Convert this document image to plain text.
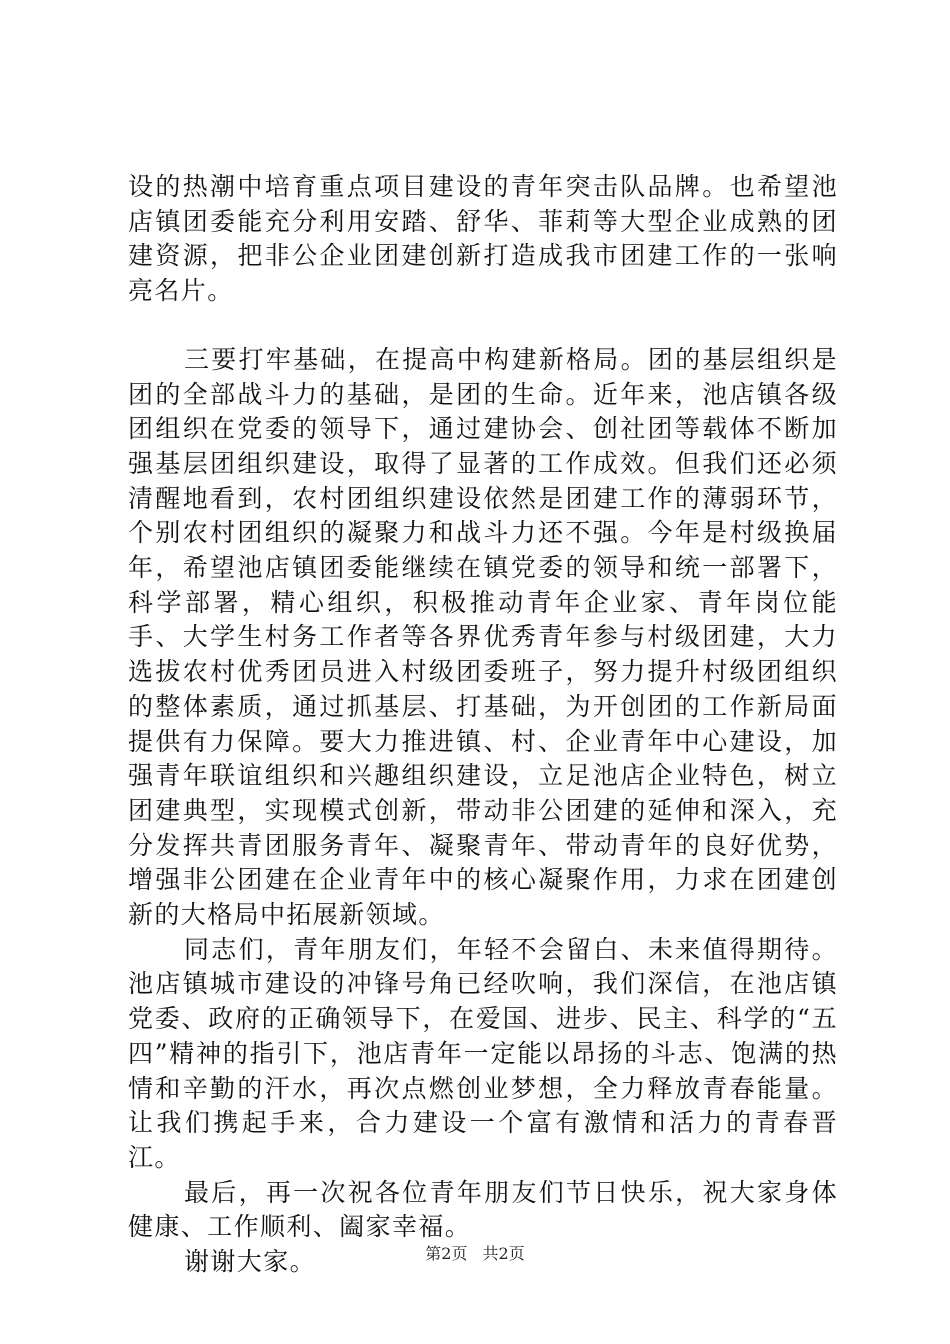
设的热潮中培育重点项目建设的青年突击队品牌。也希望池店镇团委能充分利用安踏、舒华、菲莉等大型企业成熟的团建资源，把非公企业团建创新打造成我市团建工作的一张响亮名片。

三要打牢基础，在提高中构建新格局。团的基层组织是团的全部战斗力的基础，是团的生命。近年来，池店镇各级团组织在党委的领导下，通过建协会、创社团等载体不断加强基层团组织建设，取得了显著的工作成效。但我们还必须清醒地看到，农村团组织建设依然是团建工作的薄弱环节，个别农村团组织的凝聚力和战斗力还不强。今年是村级换届年，希望池店镇团委能继续在镇党委的领导和统一部署下，科学部署，精心组织，积极推动青年企业家、青年岗位能手、大学生村务工作者等各界优秀青年参与村级团建，大力选拔农村优秀团员进入村级团委班子，努力提升村级团组织的整体素质，通过抓基层、打基础，为开创团的工作新局面提供有力保障。要大力推进镇、村、企业青年中心建设，加强青年联谊组织和兴趣组织建设，立足池店企业特色，树立团建典型，实现模式创新，带动非公团建的延伸和深入，充分发挥共青团服务青年、凝聚青年、带动青年的良好优势，增强非公团建在企业青年中的核心凝聚作用，力求在团建创新的大格局中拓展新领域。

同志们，青年朋友们，年轻不会留白、未来值得期待。池店镇城市建设的冲锋号角已经吹响，我们深信，在池店镇党委、政府的正确领导下，在爱国、进步、民主、科学的“五四”精神的指引下，池店青年一定能以昂扬的斗志、饱满的热情和辛勤的汗水，再次点燃创业梦想，全力释放青春能量。让我们携起手来，合力建设一个富有激情和活力的青春晋江。

最后，再一次祝各位青年朋友们节日快乐，祝大家身体健康、工作顺利、阖家幸福。

谢谢大家。	第2页 共2页
